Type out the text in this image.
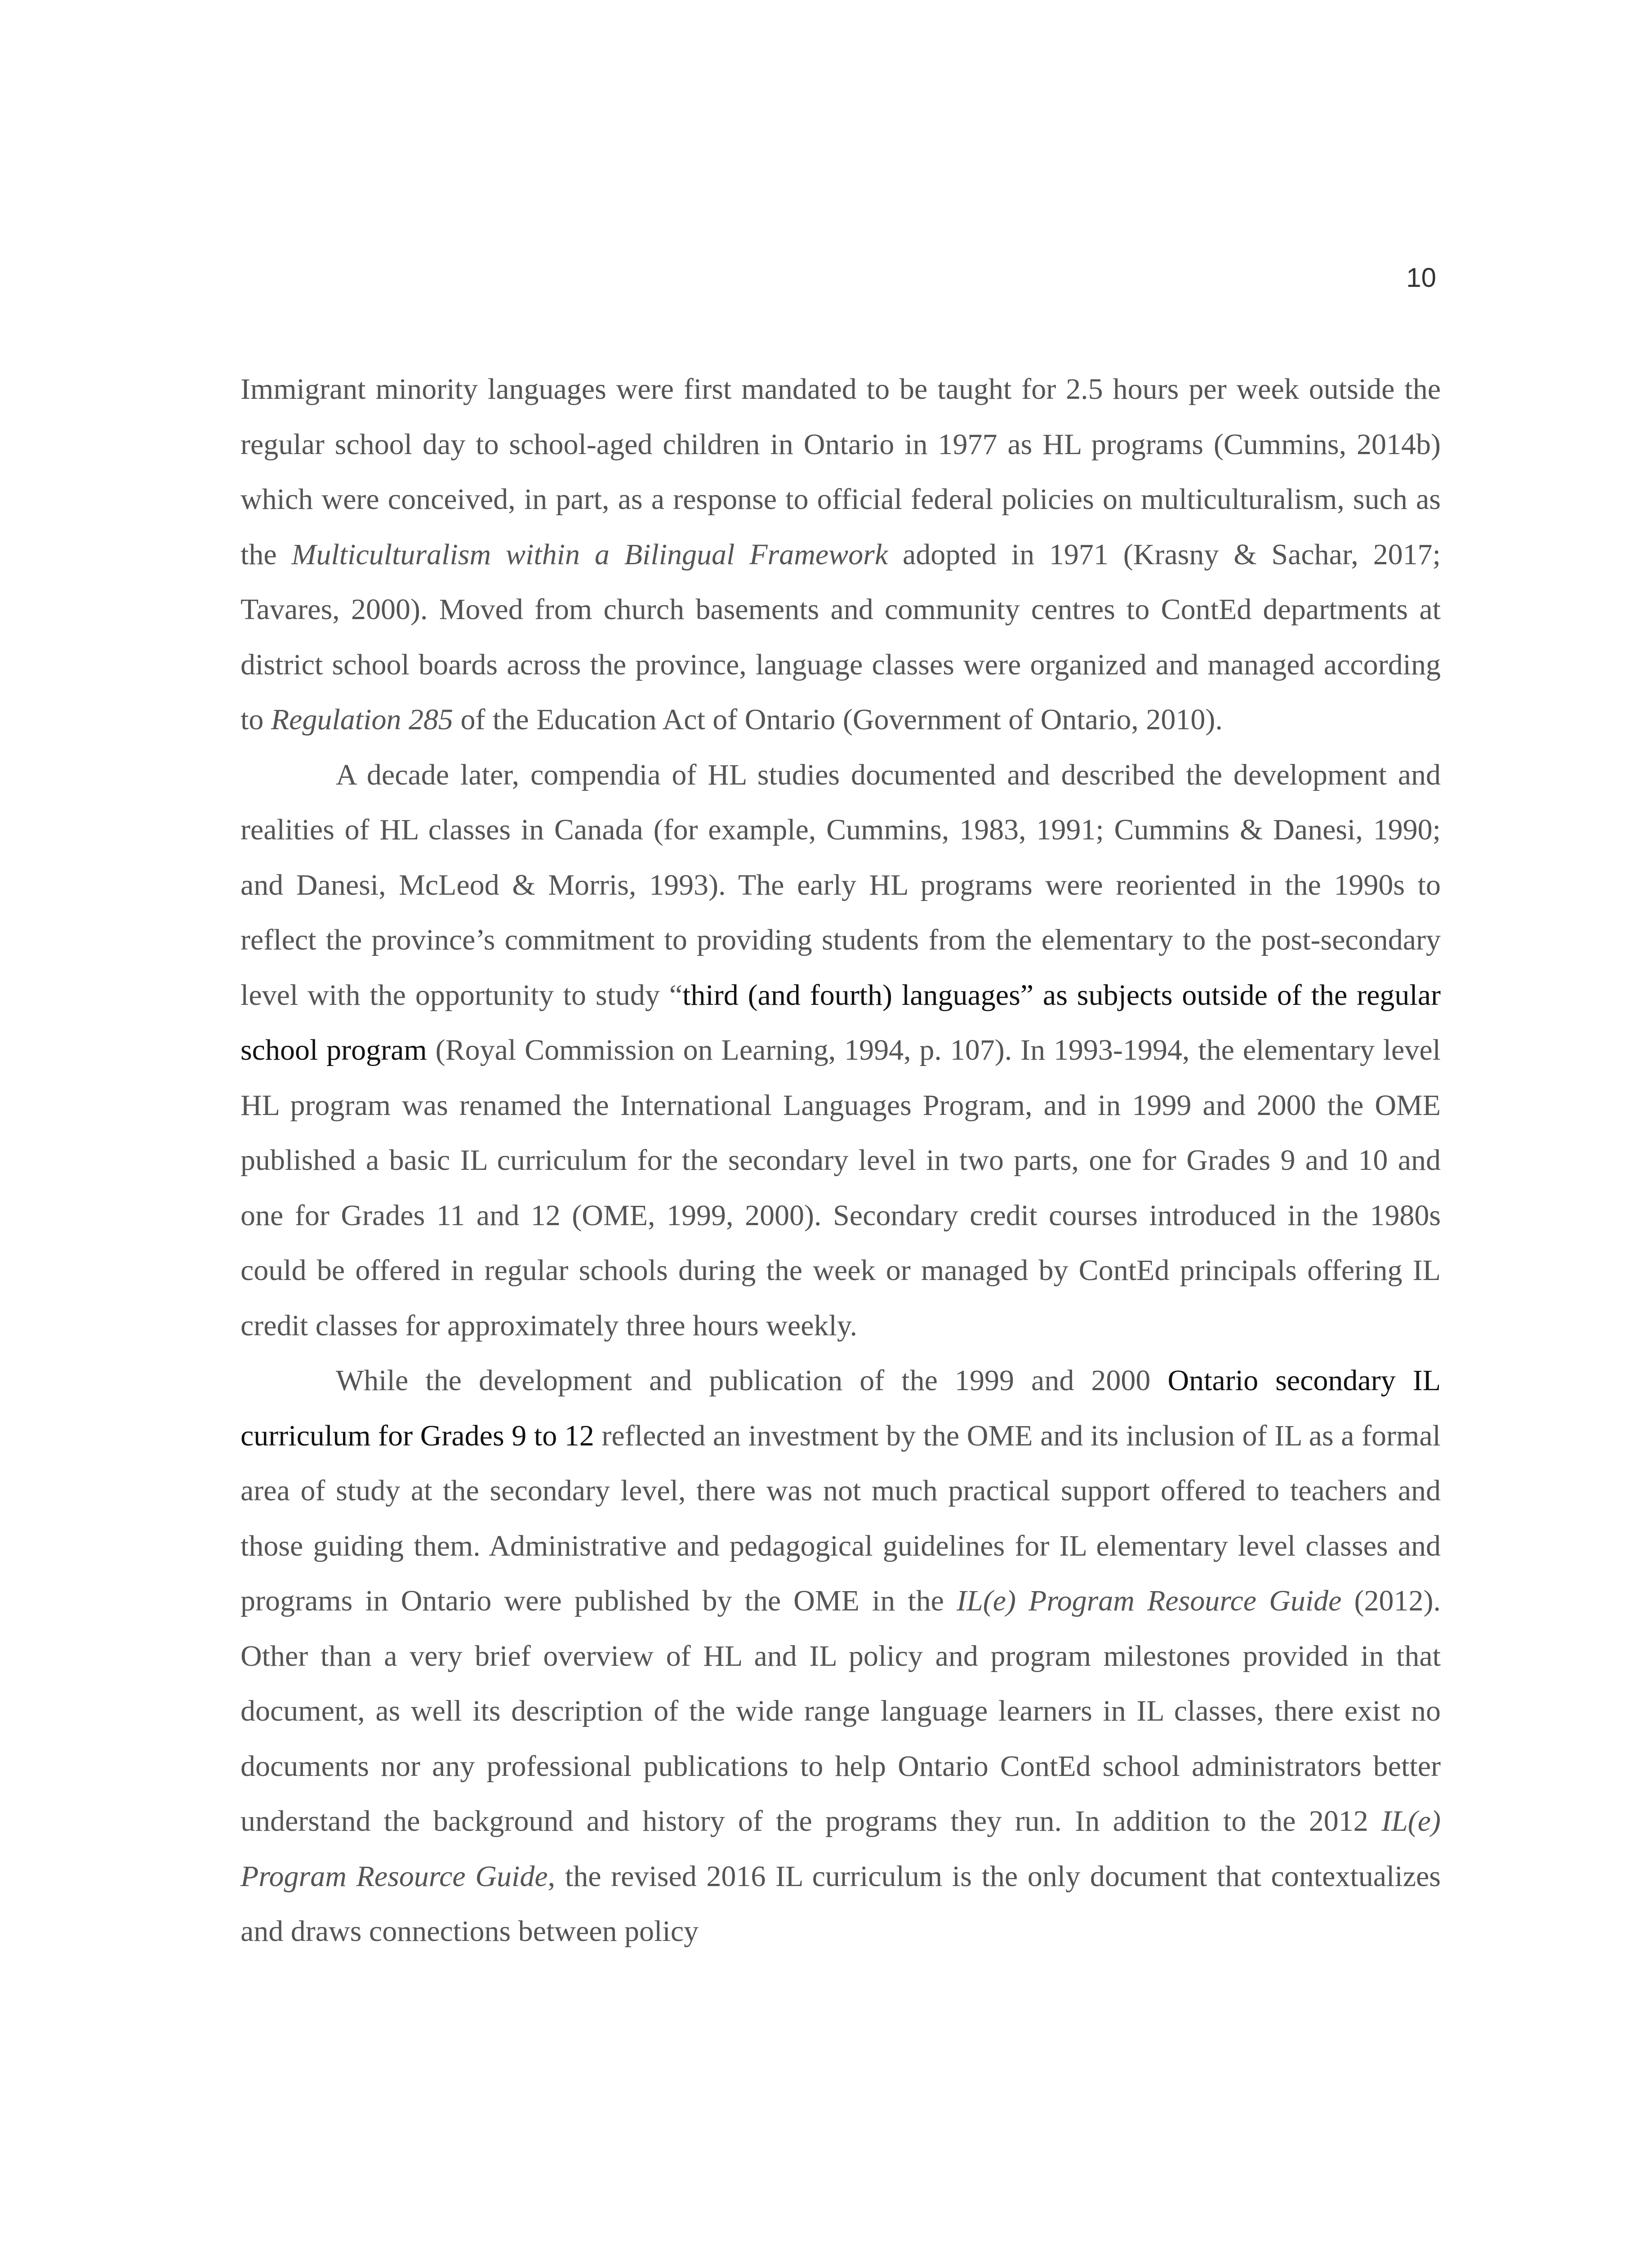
10

Immigrant minority languages were first mandated to be taught for 2.5 hours per week outside the regular school day to school-aged children in Ontario in 1977 as HL programs (Cummins, 2014b) which were conceived, in part, as a response to official federal policies on multiculturalism, such as the Multiculturalism within a Bilingual Framework adopted in 1971 (Krasny & Sachar, 2017; Tavares, 2000). Moved from church basements and community centres to ContEd departments at district school boards across the province, language classes were organized and managed according to Regulation 285 of the Education Act of Ontario (Government of Ontario, 2010).

A decade later, compendia of HL studies documented and described the development and realities of HL classes in Canada (for example, Cummins, 1983, 1991; Cummins & Danesi, 1990; and Danesi, McLeod & Morris, 1993). The early HL programs were reoriented in the 1990s to reflect the province’s commitment to providing students from the elementary to the post-secondary level with the opportunity to study “third (and fourth) languages” as subjects outside of the regular school program (Royal Commission on Learning, 1994, p. 107). In 1993-1994, the elementary level HL program was renamed the International Languages Program, and in 1999 and 2000 the OME published a basic IL curriculum for the secondary level in two parts, one for Grades 9 and 10 and one for Grades 11 and 12 (OME, 1999, 2000). Secondary credit courses introduced in the 1980s could be offered in regular schools during the week or managed by ContEd principals offering IL credit classes for approximately three hours weekly.

While the development and publication of the 1999 and 2000 Ontario secondary IL curriculum for Grades 9 to 12 reflected an investment by the OME and its inclusion of IL as a formal area of study at the secondary level, there was not much practical support offered to teachers and those guiding them. Administrative and pedagogical guidelines for IL elementary level classes and programs in Ontario were published by the OME in the IL(e) Program Resource Guide (2012). Other than a very brief overview of HL and IL policy and program milestones provided in that document, as well its description of the wide range language learners in IL classes, there exist no documents nor any professional publications to help Ontario ContEd school administrators better understand the background and history of the programs they run. In addition to the 2012 IL(e) Program Resource Guide, the revised 2016 IL curriculum is the only document that contextualizes and draws connections between policy
